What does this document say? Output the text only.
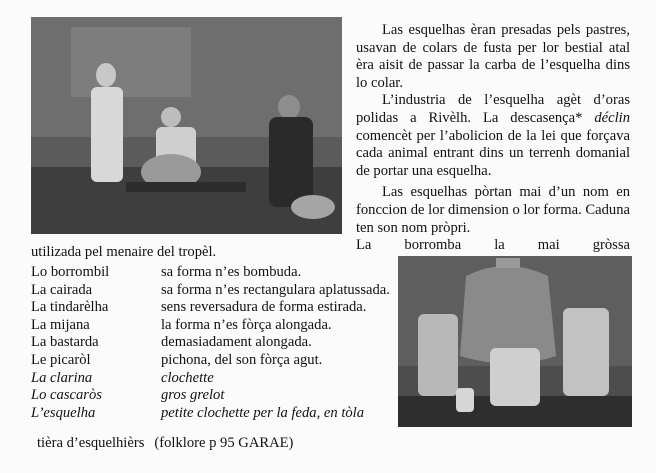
Las esquelhas èran presadas pels pastres, usavan de colars de fusta per lor bestial atal èra aisit de passar la carba de l’esquelha dins lo colar.

L’industria de l’esquelha agèt d’oras polidas a Rivèlh. La descasença* déclin comencèt per l’abolicion de la lei que forçava cada animal entrant dins un terrenh domanial de portar una esquelha.

Las esquelhas pòrtan mai d’un nom en fonccion de lor dimension o lor forma. Caduna ten son nom pròpri.

La borromba la mai gròssa

utilizada pel menaire del tropèl.
Lo borrombil	sa forma n’es bombuda.
La cairada	sa forma n’es rectangulara aplatussada.
La tindarèlha	sens reversadura de forma estirada.
La mijana	la forma n’es fòrça alongada.
La bastarda	demasiadament alongada.
Le picaròl	pichona, del son fòrça agut.
La clarina	clochette
Lo cascaròs	gros grelot
L’esquelha	petite clochette per la feda, en tòla
tièra d’esquelhièrs (folklore p 95 GARAE)
